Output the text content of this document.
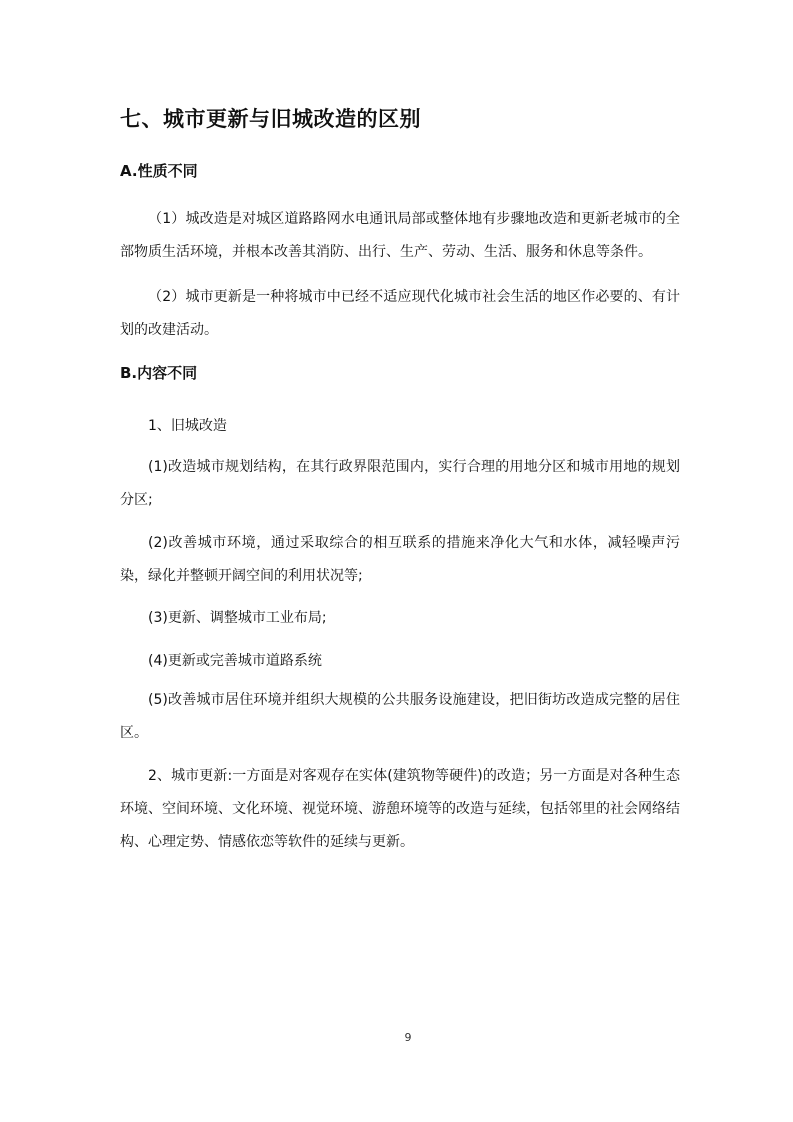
七、城市更新与旧城改造的区别
A.性质不同
（1）城改造是对城区道路路网水电通讯局部或整体地有步骤地改造和更新老城市的全部物质生活环境，并根本改善其消防、出行、生产、劳动、生活、服务和休息等条件。
（2）城市更新是一种将城市中已经不适应现代化城市社会生活的地区作必要的、有计划的改建活动。
B.内容不同
1、旧城改造
(1)改造城市规划结构，在其行政界限范围内，实行合理的用地分区和城市用地的规划分区;
(2)改善城市环境，通过采取综合的相互联系的措施来净化大气和水体，减轻噪声污染，绿化并整顿开阔空间的利用状况等;
(3)更新、调整城市工业布局;
(4)更新或完善城市道路系统
(5)改善城市居住环境并组织大规模的公共服务设施建设，把旧街坊改造成完整的居住区。
2、城市更新:一方面是对客观存在实体(建筑物等硬件)的改造；另一方面是对各种生态环境、空间环境、文化环境、视觉环境、游憩环境等的改造与延续，包括邻里的社会网络结构、心理定势、情感依恋等软件的延续与更新。
9
